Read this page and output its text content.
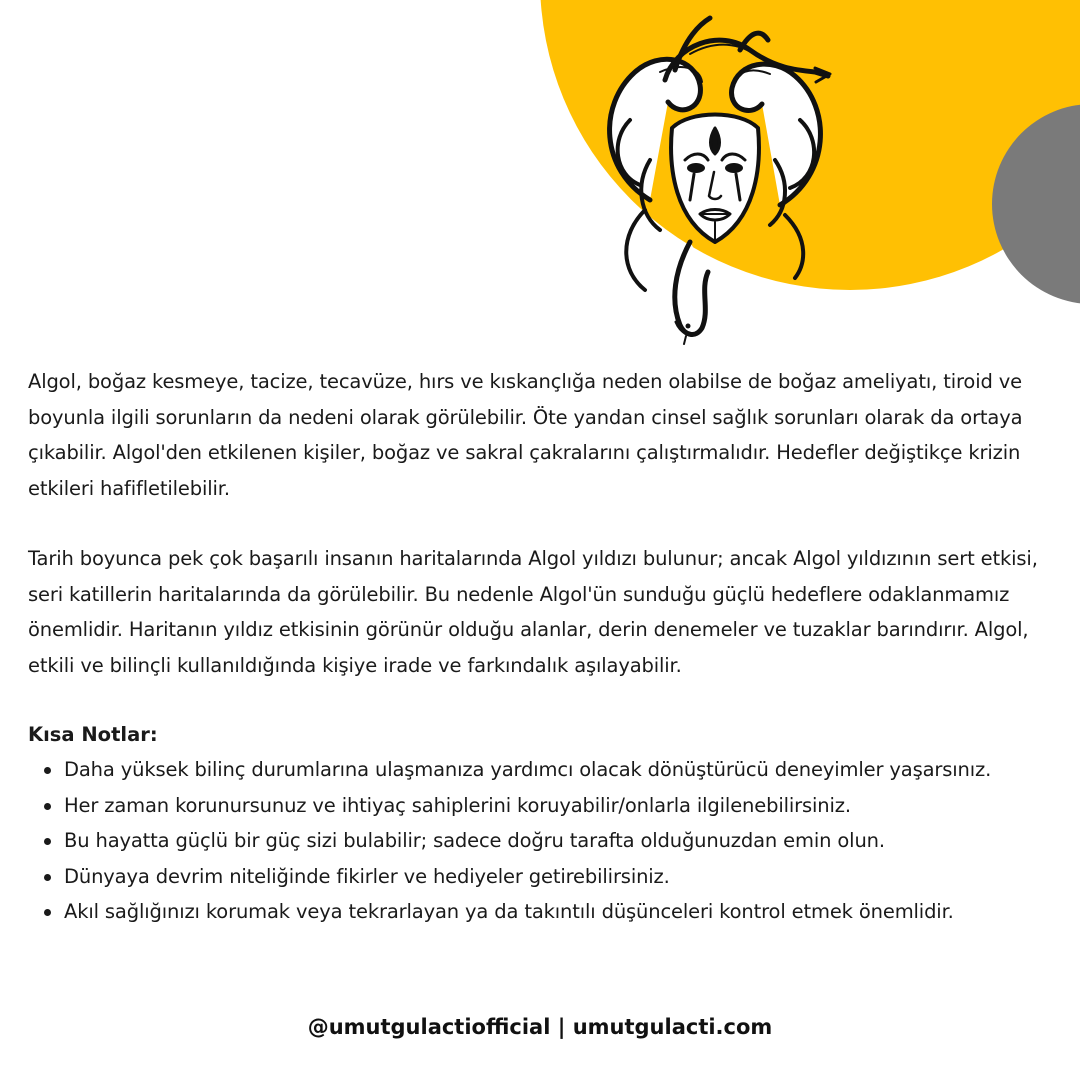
Algol, boğaz kesmeye, tacize, tecavüze, hırs ve kıskançlığa neden olabilse de boğaz ameliyatı, tiroid ve boyunla ilgili sorunların da nedeni olarak görülebilir. Öte yandan cinsel sağlık sorunları olarak da ortaya çıkabilir. Algol'den etkilenen kişiler, boğaz ve sakral çakralarını çalıştırmalıdır. Hedefler değiştikçe krizin etkileri hafifletilebilir.

Tarih boyunca pek çok başarılı insanın haritalarında Algol yıldızı bulunur; ancak Algol yıldızının sert etkisi, seri katillerin haritalarında da görülebilir. Bu nedenle Algol'ün sunduğu güçlü hedeflere odaklanmamız önemlidir. Haritanın yıldız etkisinin görünür olduğu alanlar, derin denemeler ve tuzaklar barındırır. Algol, etkili ve bilinçli kullanıldığında kişiye irade ve farkındalık aşılayabilir.

Kısa Notlar:
Daha yüksek bilinç durumlarına ulaşmanıza yardımcı olacak dönüştürücü deneyimler yaşarsınız.
Her zaman korunursunuz ve ihtiyaç sahiplerini koruyabilir/onlarla ilgilenebilirsiniz.
Bu hayatta güçlü bir güç sizi bulabilir; sadece doğru tarafta olduğunuzdan emin olun.
Dünyaya devrim niteliğinde fikirler ve hediyeler getirebilirsiniz.
Akıl sağlığınızı korumak veya tekrarlayan ya da takıntılı düşünceleri kontrol etmek önemlidir.
@umutgulactiofficial | umutgulacti.com
